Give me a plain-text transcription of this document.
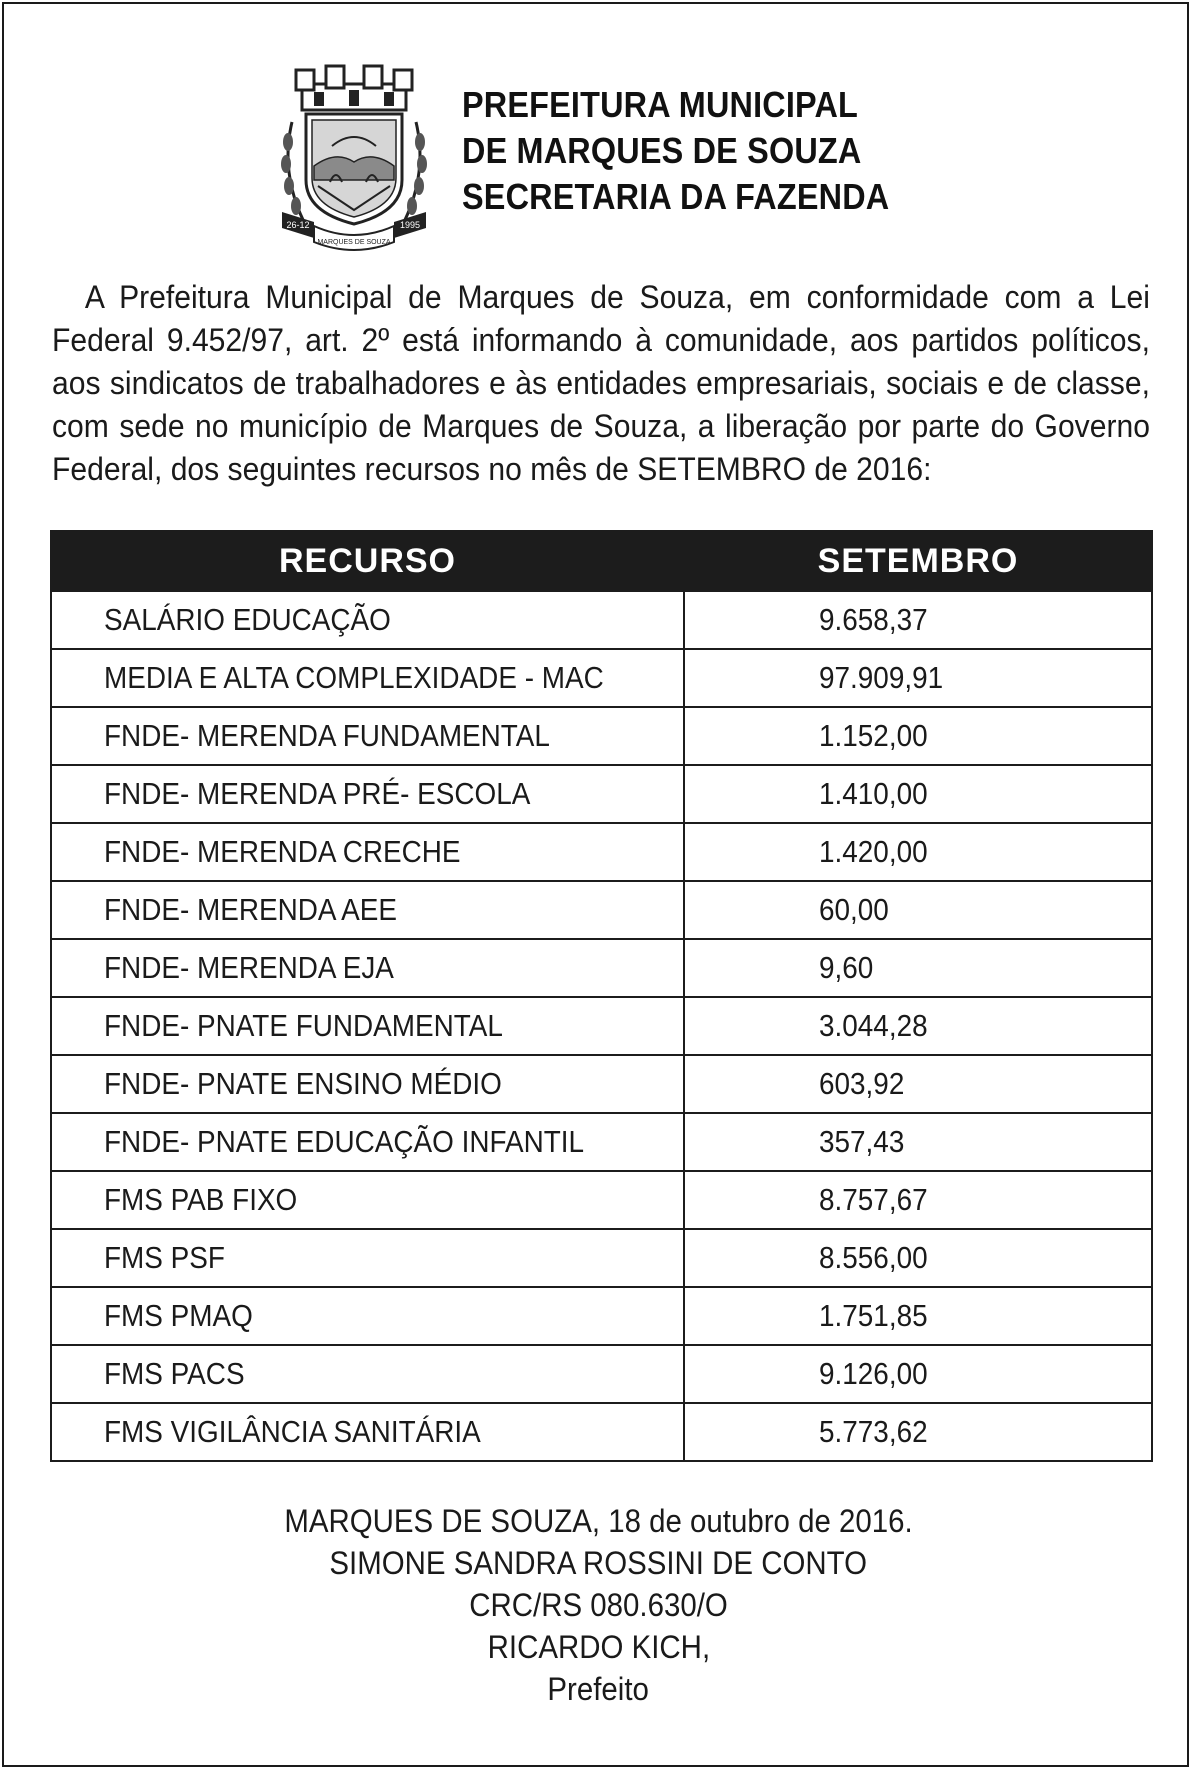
26-12	1995
MARQUES DE SOUZA
PREFEITURA MUNICIPAL
DE MARQUES DE SOUZA
SECRETARIA DA FAZENDA
A Prefeitura Municipal de Marques de Souza, em conformidade com a Lei Federal 9.452/97, art. 2º está informando à comunidade, aos partidos políticos, aos sindicatos de trabalhadores e às entidades empresariais, sociais e de classe, com sede no município de Marques de Souza, a liberação por parte do Governo Federal, dos seguintes recursos no mês de SETEMBRO de 2016:
RECURSO	SETEMBRO
SALÁRIO EDUCAÇÃO	9.658,37
MEDIA E ALTA COMPLEXIDADE - MAC	97.909,91
FNDE- MERENDA FUNDAMENTAL	1.152,00
FNDE- MERENDA PRÉ- ESCOLA	1.410,00
FNDE- MERENDA CRECHE	1.420,00
FNDE- MERENDA AEE	60,00
FNDE- MERENDA EJA	9,60
FNDE- PNATE FUNDAMENTAL	3.044,28
FNDE- PNATE ENSINO MÉDIO	603,92
FNDE- PNATE EDUCAÇÃO INFANTIL	357,43
FMS PAB FIXO	8.757,67
FMS PSF	8.556,00
FMS PMAQ	1.751,85
FMS PACS	9.126,00
FMS VIGILÂNCIA SANITÁRIA	5.773,62
MARQUES DE SOUZA, 18 de outubro de 2016.
SIMONE SANDRA ROSSINI DE CONTO
CRC/RS 080.630/O
RICARDO KICH,
Prefeito
